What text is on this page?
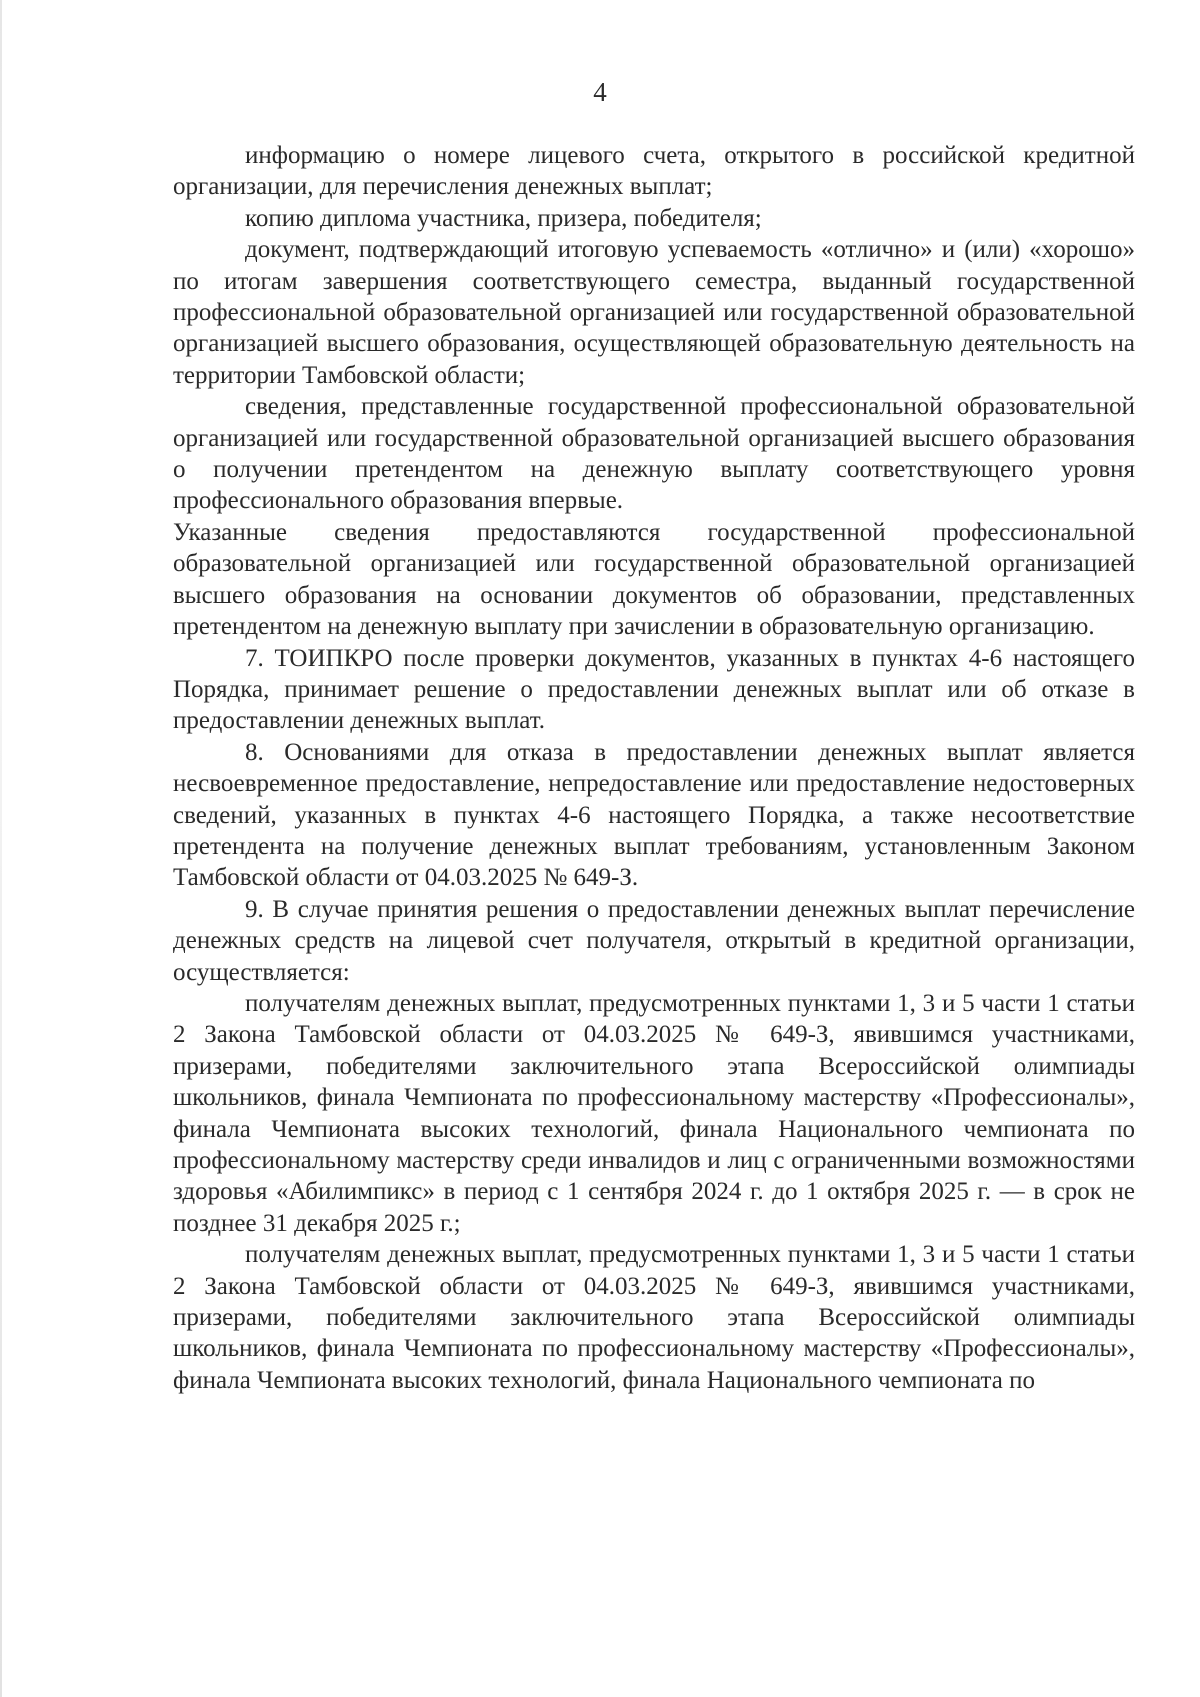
4

информацию о номере лицевого счета, открытого в российской кредитной организации, для перечисления денежных выплат;

копию диплома участника, призера, победителя;

документ, подтверждающий итоговую успеваемость «отлично» и (или) «хорошо» по итогам завершения соответствующего семестра, выданный государственной профессиональной образовательной организацией или государственной образовательной организацией высшего образования, осуществляющей образовательную деятельность на территории Тамбовской области;

сведения, представленные государственной профессиональной образовательной организацией или государственной образовательной организацией высшего образования о получении претендентом на денежную выплату соответствующего уровня профессионального образования впервые.

Указанные сведения предоставляются государственной профессиональной образовательной организацией или государственной образовательной организацией высшего образования на основании документов об образовании, представленных претендентом на денежную выплату при зачислении в образовательную организацию.

7. ТОИПКРО после проверки документов, указанных в пунктах 4-6 настоящего Порядка, принимает решение о предоставлении денежных выплат или об отказе в предоставлении денежных выплат.

8. Основаниями для отказа в предоставлении денежных выплат является несвоевременное предоставление, непредоставление или предоставление недостоверных сведений, указанных в пунктах 4-6 настоящего Порядка, а также несоответствие претендента на получение денежных выплат требованиям, установленным Законом Тамбовской области от 04.03.2025 № 649-З.

9. В случае принятия решения о предоставлении денежных выплат перечисление денежных средств на лицевой счет получателя, открытый в кредитной организации, осуществляется:

получателям денежных выплат, предусмотренных пунктами 1, 3 и 5 части 1 статьи 2 Закона Тамбовской области от 04.03.2025 № 649-З, явившимся участниками, призерами, победителями заключительного этапа Всероссийской олимпиады школьников, финала Чемпионата по профессиональному мастерству «Профессионалы», финала Чемпионата высоких технологий, финала Национального чемпионата по профессиональному мастерству среди инвалидов и лиц с ограниченными возможностями здоровья «Абилимпикс» в период с 1 сентября 2024 г. до 1 октября 2025 г. — в срок не позднее 31 декабря 2025 г.;

получателям денежных выплат, предусмотренных пунктами 1, 3 и 5 части 1 статьи 2 Закона Тамбовской области от 04.03.2025 № 649-З, явившимся участниками, призерами, победителями заключительного этапа Всероссийской олимпиады школьников, финала Чемпионата по профессиональному мастерству «Профессионалы», финала Чемпионата высоких технологий, финала Национального чемпионата по
